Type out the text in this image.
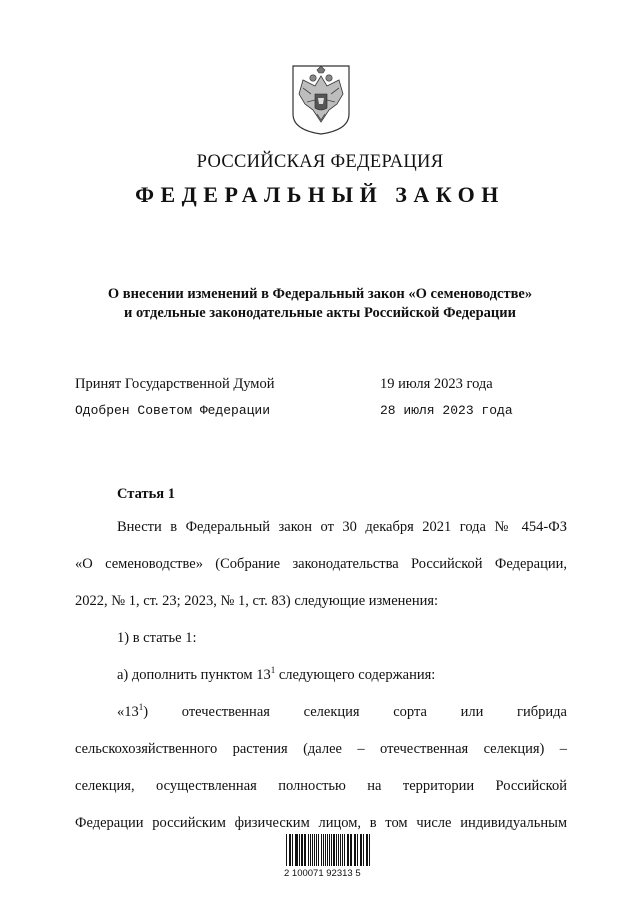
РОССИЙСКАЯ ФЕДЕРАЦИЯ
ФЕДЕРАЛЬНЫЙ ЗАКОН
О внесении изменений в Федеральный закон «О семеноводстве»
и отдельные законодательные акты Российской Федерации
Принят Государственной Думой	19 июля 2023 года
Одобрен Советом Федерации	28 июля 2023 года
Статья 1
Внести в Федеральный закон от 30 декабря 2021 года № 454-ФЗ
«О семеноводстве» (Собрание законодательства Российской Федерации,
2022, № 1, ст. 23; 2023, № 1, ст. 83) следующие изменения:
1) в статье 1:
а) дополнить пунктом $13^1$ следующего содержания:
«$13^1$) отечественная селекция сорта или гибрида
сельскохозяйственного растения (далее – отечественная селекция) –
селекция, осуществленная полностью на территории Российской
Федерации российским физическим лицом, в том числе индивидуальным
2 100071 92313 5
